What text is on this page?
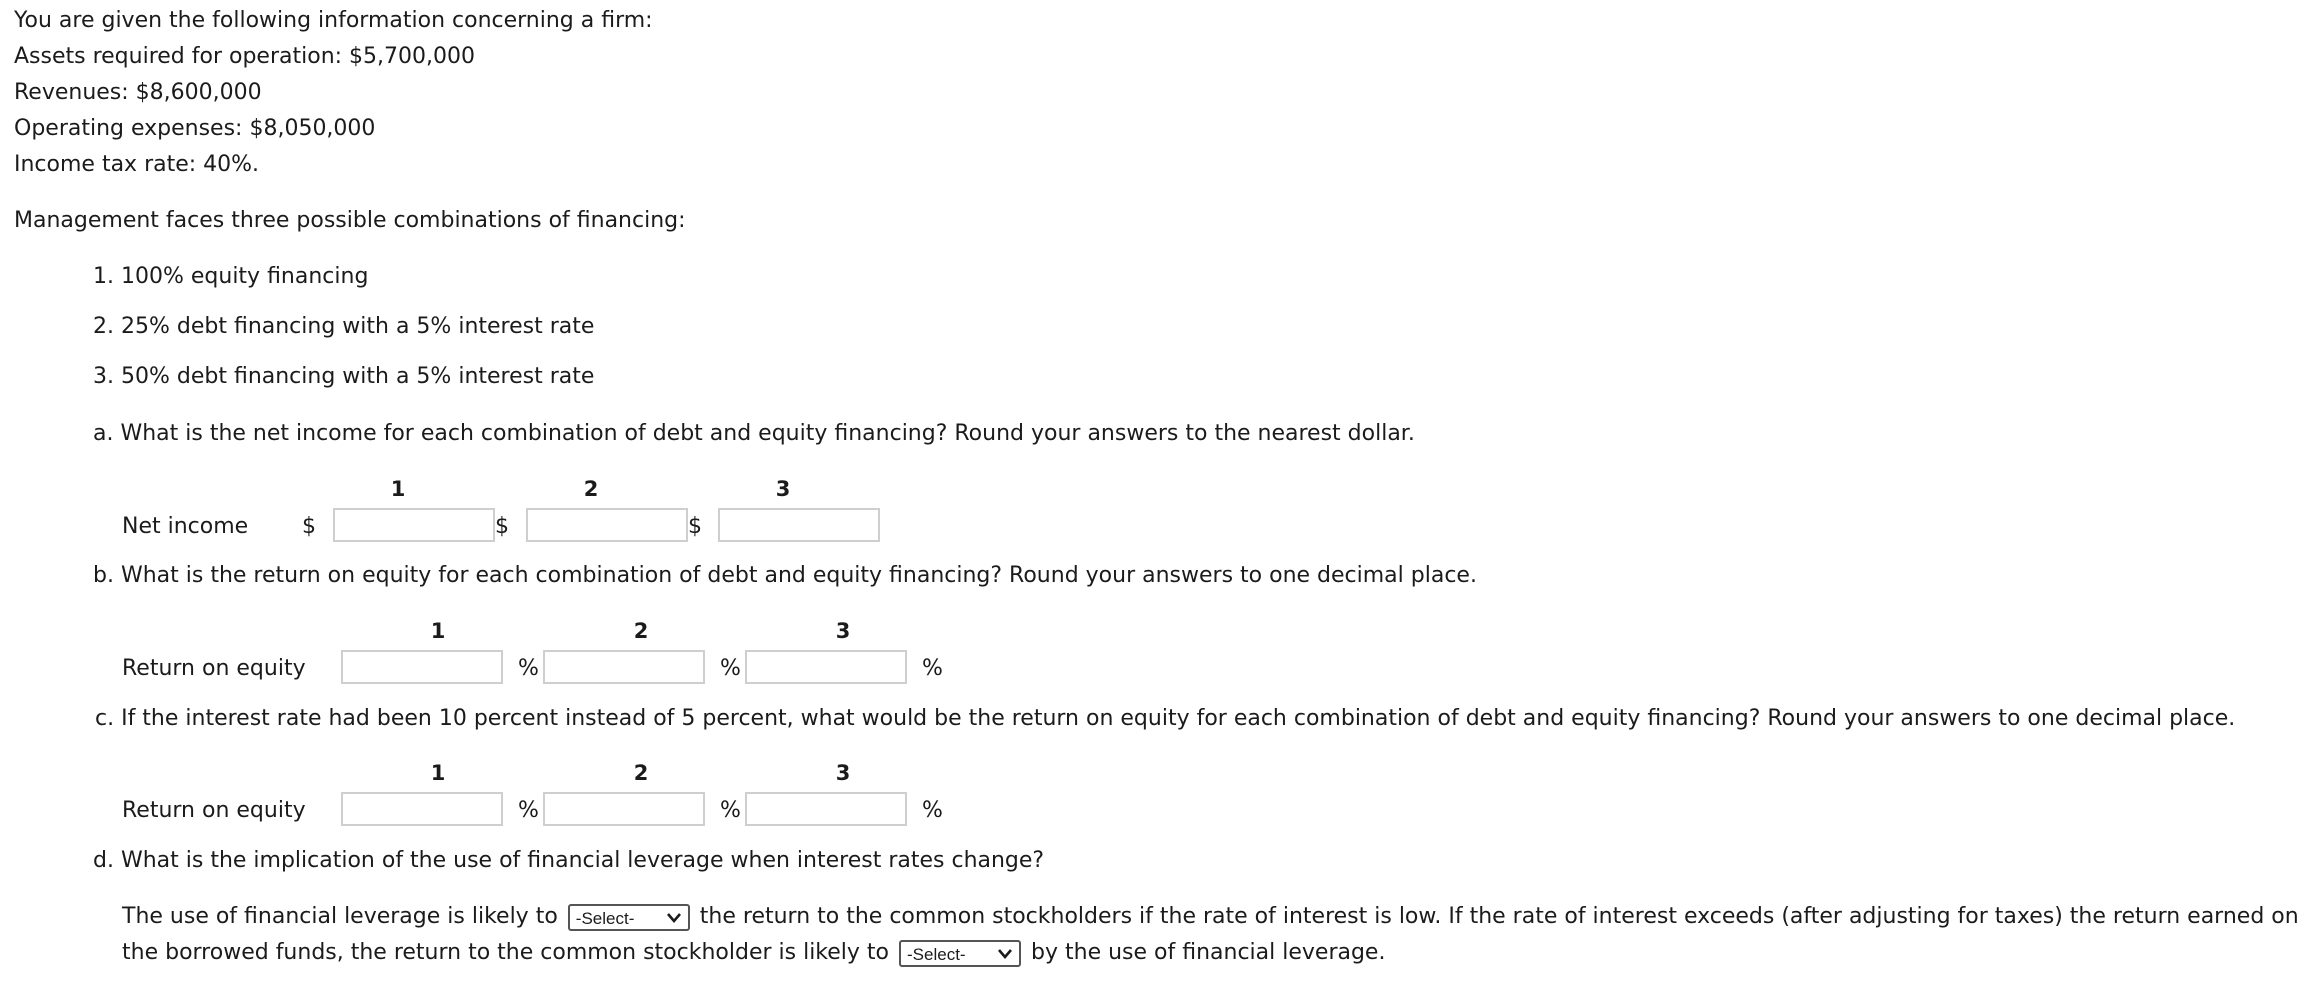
You are given the following information concerning a firm:

Assets required for operation: $5,700,000

Revenues: $8,600,000

Operating expenses: $8,050,000

Income tax rate: 40%.

Management faces three possible combinations of financing:

1. 100% equity financing

2. 25% debt financing with a 5% interest rate

3. 50% debt financing with a 5% interest rate

a. What is the net income for each combination of debt and equity financing? Round your answers to the nearest dollar.

1	2	3

Net income $	$	$

b. What is the return on equity for each combination of debt and equity financing? Round your answers to one decimal place.

1	2	3

Return on equity	%	%	%

c. If the interest rate had been 10 percent instead of 5 percent, what would be the return on equity for each combination of debt and equity financing? Round your answers to one decimal place.

1	2	3

Return on equity	%	%	%

d. What is the implication of the use of financial leverage when interest rates change?

The use of financial leverage is likely to -Select-	the return to the common stockholders if the rate of interest is low. If the rate of interest exceeds (after adjusting for taxes) the return earned on
the borrowed funds, the return to the common stockholder is likely to -Select-	by the use of financial leverage.
